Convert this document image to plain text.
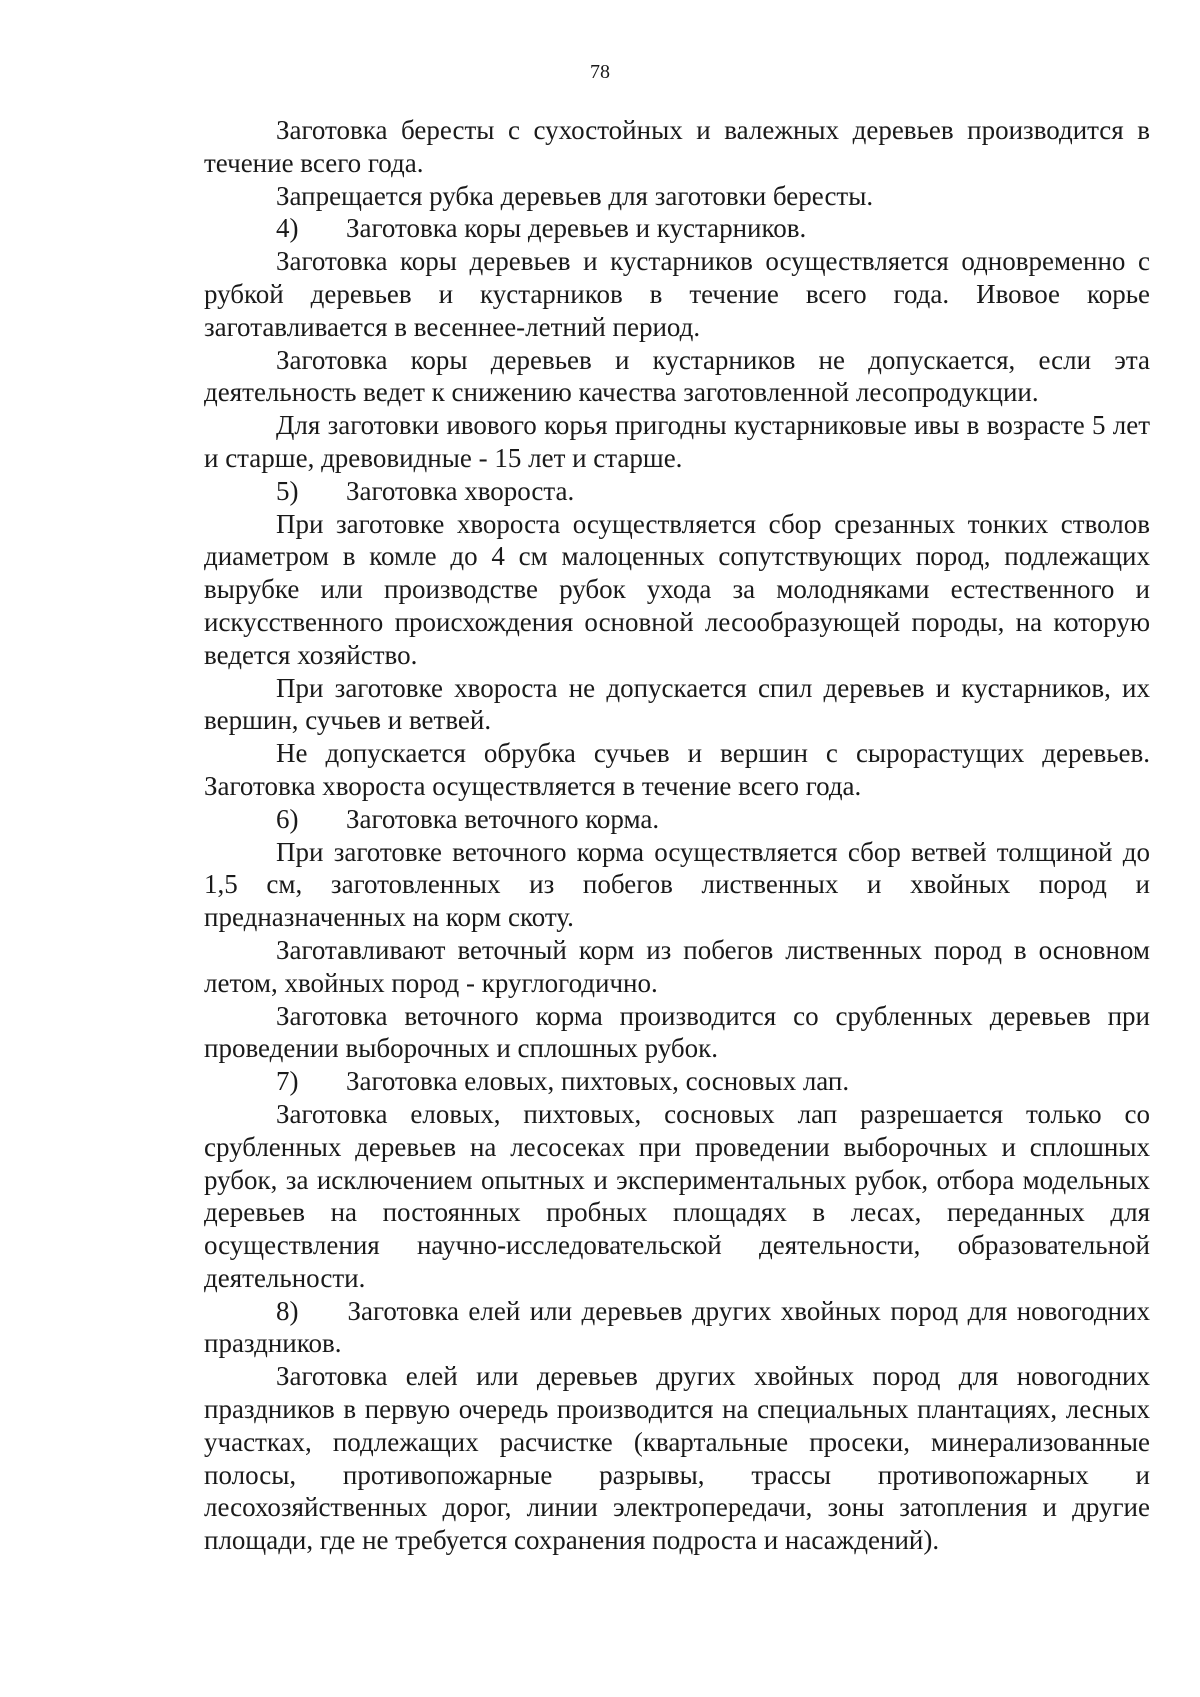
78

Заготовка бересты с сухостойных и валежных деревьев производится в течение всего года.

Запрещается рубка деревьев для заготовки бересты.

4) Заготовка коры деревьев и кустарников.

Заготовка коры деревьев и кустарников осуществляется одновременно с рубкой деревьев и кустарников в течение всего года. Ивовое корье заготавливается в весеннее-летний период.

Заготовка коры деревьев и кустарников не допускается, если эта деятельность ведет к снижению качества заготовленной лесопродукции.

Для заготовки ивового корья пригодны кустарниковые ивы в возрасте 5 лет и старше, древовидные - 15 лет и старше.

5) Заготовка хвороста.

При заготовке хвороста осуществляется сбор срезанных тонких стволов диаметром в комле до 4 см малоценных сопутствующих пород, подлежащих вырубке или производстве рубок ухода за молодняками естественного и искусственного происхождения основной лесообразующей породы, на которую ведется хозяйство.

При заготовке хвороста не допускается спил деревьев и кустарников, их вершин, сучьев и ветвей.

Не допускается обрубка сучьев и вершин с сырорастущих деревьев. Заготовка хвороста осуществляется в течение всего года.

6) Заготовка веточного корма.

При заготовке веточного корма осуществляется сбор ветвей толщиной до 1,5 см, заготовленных из побегов лиственных и хвойных пород и предназначенных на корм скоту.

Заготавливают веточный корм из побегов лиственных пород в основном летом, хвойных пород - круглогодично.

Заготовка веточного корма производится со срубленных деревьев при проведении выборочных и сплошных рубок.

7) Заготовка еловых, пихтовых, сосновых лап.

Заготовка еловых, пихтовых, сосновых лап разрешается только со срубленных деревьев на лесосеках при проведении выборочных и сплошных рубок, за исключением опытных и экспериментальных рубок, отбора модельных деревьев на постоянных пробных площадях в лесах, переданных для осуществления научно-исследовательской деятельности, образовательной деятельности.

8) Заготовка елей или деревьев других хвойных пород для новогодних праздников.

Заготовка елей или деревьев других хвойных пород для новогодних праздников в первую очередь производится на специальных плантациях, лесных участках, подлежащих расчистке (квартальные просеки, минерализованные полосы, противопожарные разрывы, трассы противопожарных и лесохозяйственных дорог, линии электропередачи, зоны затопления и другие площади, где не требуется сохранения подроста и насаждений).
